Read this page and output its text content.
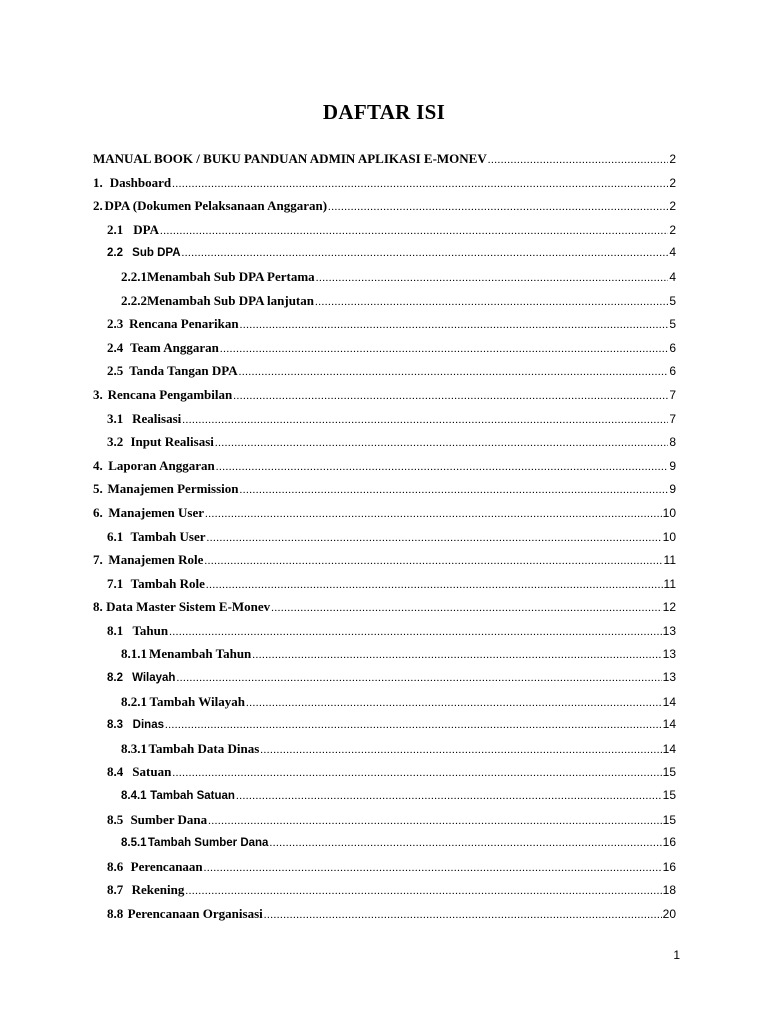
DAFTAR ISI
MANUAL BOOK / BUKU PANDUAN ADMIN APLIKASI E-MONEV .....	2
1. Dashboard .....	2
2. DPA (Dokumen Pelaksanaan Anggaran) .....	2
2.1 DPA .....	2
2.2 Sub DPA .....	4
2.2.1 Menambah Sub DPA Pertama .....	4
2.2.2 Menambah Sub DPA lanjutan .....	5
2.3 Rencana Penarikan .....	5
2.4 Team Anggaran .....	6
2.5 Tanda Tangan DPA .....	6
3. Rencana Pengambilan .....	7
3.1 Realisasi .....	7
3.2 Input Realisasi .....	8
4. Laporan Anggaran .....	9
5. Manajemen Permission .....	9
6. Manajemen User .....	10
6.1 Tambah User .....	10
7. Manajemen Role .....	11
7.1 Tambah Role .....	11
8. Data Master Sistem E-Monev .....	12
8.1 Tahun .....	13
8.1.1 Menambah Tahun .....	13
8.2 Wilayah .....	13
8.2.1 Tambah Wilayah .....	14
8.3 Dinas .....	14
8.3.1 Tambah Data Dinas .....	14
8.4 Satuan .....	15
8.4.1 Tambah Satuan .....	15
8.5 Sumber Dana .....	15
8.5.1 Tambah Sumber Dana .....	16
8.6 Perencanaan .....	16
8.7 Rekening .....	18
8.8 Perencanaan Organisasi .....	20
1
